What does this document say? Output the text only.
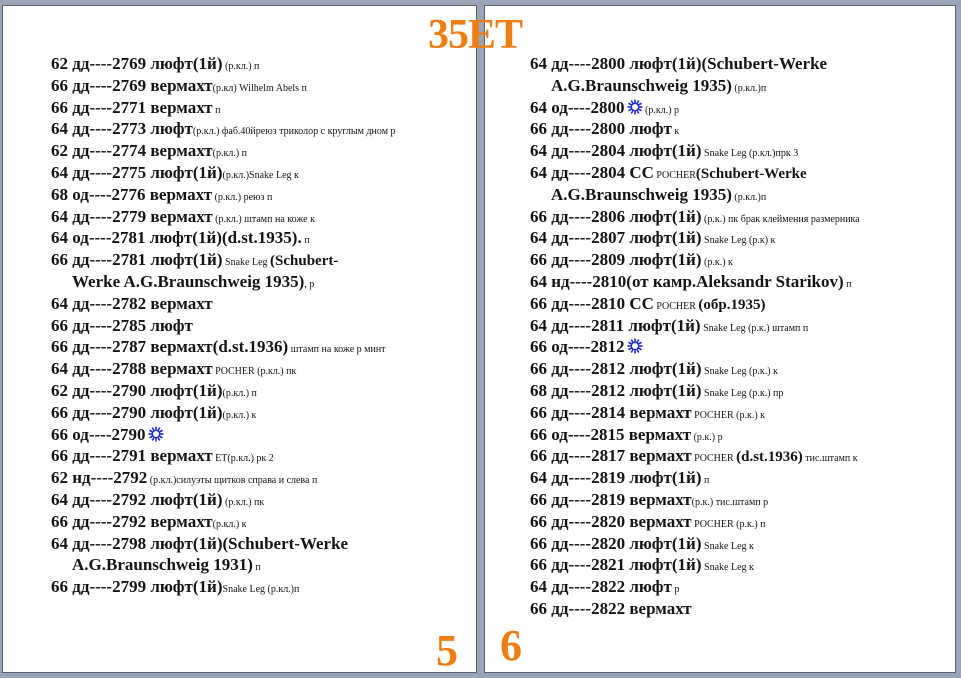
62 дд----2769 люфт(1й) (р.кл.) п
66 дд----2769 вермахт(р.кл) Wilhelm Abels п
66 дд----2771 вермахт п
64 дд----2773 люфт(р.кл.) фаб.40йреюз триколор с круглым дном р
62 дд----2774 вермахт(р.кл.) п
64 дд----2775 люфт(1й)(р.кл.)Snake Leg к
68 од----2776 вермахт (р.кл.) реюз п
64 дд----2779 вермахт (р.кл.) штамп на коже к
64 од----2781 люфт(1й)(d.st.1935). п
66 дд----2781 люфт(1й) Snake Leg (Schubert-
Werke A.G.Braunschweig 1935), р
64 дд----2782 вермахт
66 дд----2785 люфт
66 дд----2787 вермахт(d.st.1936) штамп на коже р минт
64 дд----2788 вермахт POCHER (р.кл.) пк
62 дд----2790 люфт(1й)(р.кл.) п
66 дд----2790 люфт(1й)(р.кл.) к
66 од----2790
66 дд----2791 вермахт ET(р.кл.) рк 2
62 нд----2792 (р.кл.)силуэты щитков справа и слева п
64 дд----2792 люфт(1й) (р.кл.) пк
66 дд----2792 вермахт(р.кл.) к
64 дд----2798 люфт(1й)(Schubert-Werke
A.G.Braunschweig 1931) п
66 дд----2799 люфт(1й)Snake Leg (р.кл.)п
5
64 дд----2800 люфт(1й)(Schubert-Werke
A.G.Braunschweig 1935) (р.кл.)п
64 од----2800 (р.кл.) р
66 дд----2800 люфт к
64 дд----2804 люфт(1й) Snake Leg (р.кл.)прк 3
64 дд----2804 СС POCHER(Schubert-Werke
A.G.Braunschweig 1935) (р.кл.)п
66 дд----2806 люфт(1й) (р.к.) пк брак клеймения размерника
64 дд----2807 люфт(1й) Snake Leg (р.к) к
66 дд----2809 люфт(1й) (р.к.) к
64 нд----2810(от камр.Aleksandr Starikov) п
66 дд----2810 СС POCHER (обр.1935)
64 дд----2811 люфт(1й) Snake Leg (р.к.) штамп п
66 од----2812
66 дд----2812 люфт(1й) Snake Leg (р.к.) к
68 дд----2812 люфт(1й) Snake Leg (р.к.) пр
66 дд----2814 вермахт POCHER (р.к.) к
66 од----2815 вермахт (р.к.) р
66 дд----2817 вермахт POCHER (d.st.1936) тис.штамп к
64 дд----2819 люфт(1й) п
66 дд----2819 вермахт(р.к.) тис.штамп р
66 дд----2820 вермахт POCHER (р.к.) п
66 дд----2820 люфт(1й) Snake Leg к
66 дд----2821 люфт(1й) Snake Leg к
64 дд----2822 люфт р
66 дд----2822 вермахт
6
35ET
